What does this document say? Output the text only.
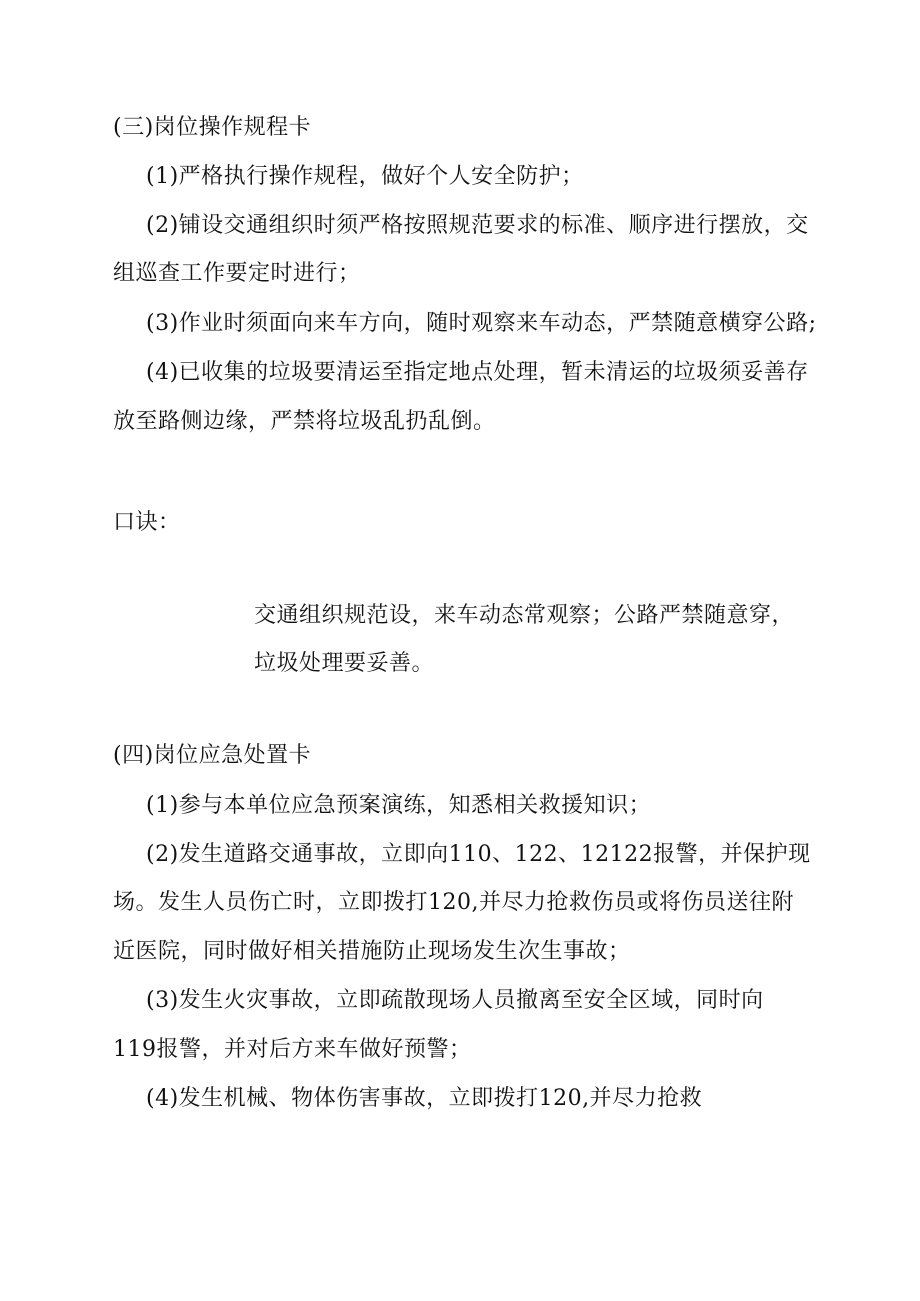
(三)岗位操作规程卡
(1)严格执行操作规程，做好个人安全防护；
(2)铺设交通组织时须严格按照规范要求的标准、顺序进行摆放，交
组巡查工作要定时进行；
(3)作业时须面向来车方向，随时观察来车动态，严禁随意横穿公路;
(4)已收集的垃圾要清运至指定地点处理，暂未清运的垃圾须妥善存
放至路侧边缘，严禁将垃圾乱扔乱倒。
口诀：
交通组织规范设，来车动态常观察；公路严禁随意穿，
垃圾处理要妥善。
(四)岗位应急处置卡
(1)参与本单位应急预案演练，知悉相关救援知识；
(2)发生道路交通事故，立即向110、122、12122报警，并保护现
场。发生人员伤亡时，立即拨打120,并尽力抢救伤员或将伤员送往附
近医院，同时做好相关措施防止现场发生次生事故；
(3)发生火灾事故，立即疏散现场人员撤离至安全区域，同时向
119报警，并对后方来车做好预警；
(4)发生机械、物体伤害事故，立即拨打120,并尽力抢救
